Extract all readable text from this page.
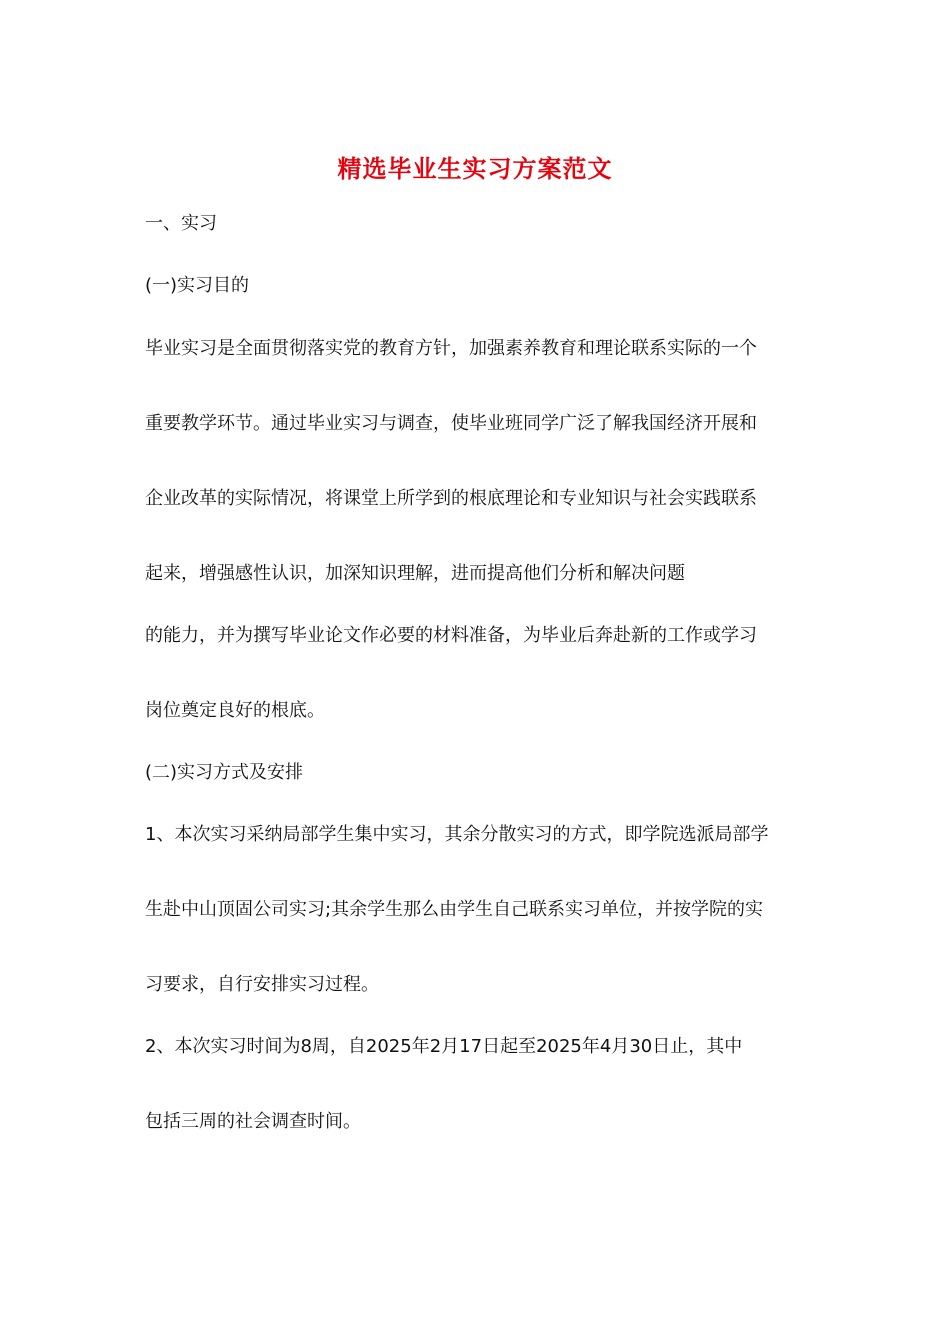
精选毕业生实习方案范文
一、实习
(一)实习目的
毕业实习是全面贯彻落实党的教育方针，加强素养教育和理论联系实际的一个
重要教学环节。通过毕业实习与调查，使毕业班同学广泛了解我国经济开展和
企业改革的实际情况，将课堂上所学到的根底理论和专业知识与社会实践联系
起来，增强感性认识，加深知识理解，进而提高他们分析和解决问题
的能力，并为撰写毕业论文作必要的材料准备，为毕业后奔赴新的工作或学习
岗位奠定良好的根底。
(二)实习方式及安排
1、本次实习采纳局部学生集中实习，其余分散实习的方式，即学院选派局部学
生赴中山顶固公司实习;其余学生那么由学生自己联系实习单位，并按学院的实
习要求，自行安排实习过程。
2、本次实习时间为8周，自2025年2月17日起至2025年4月30日止，其中
包括三周的社会调查时间。
